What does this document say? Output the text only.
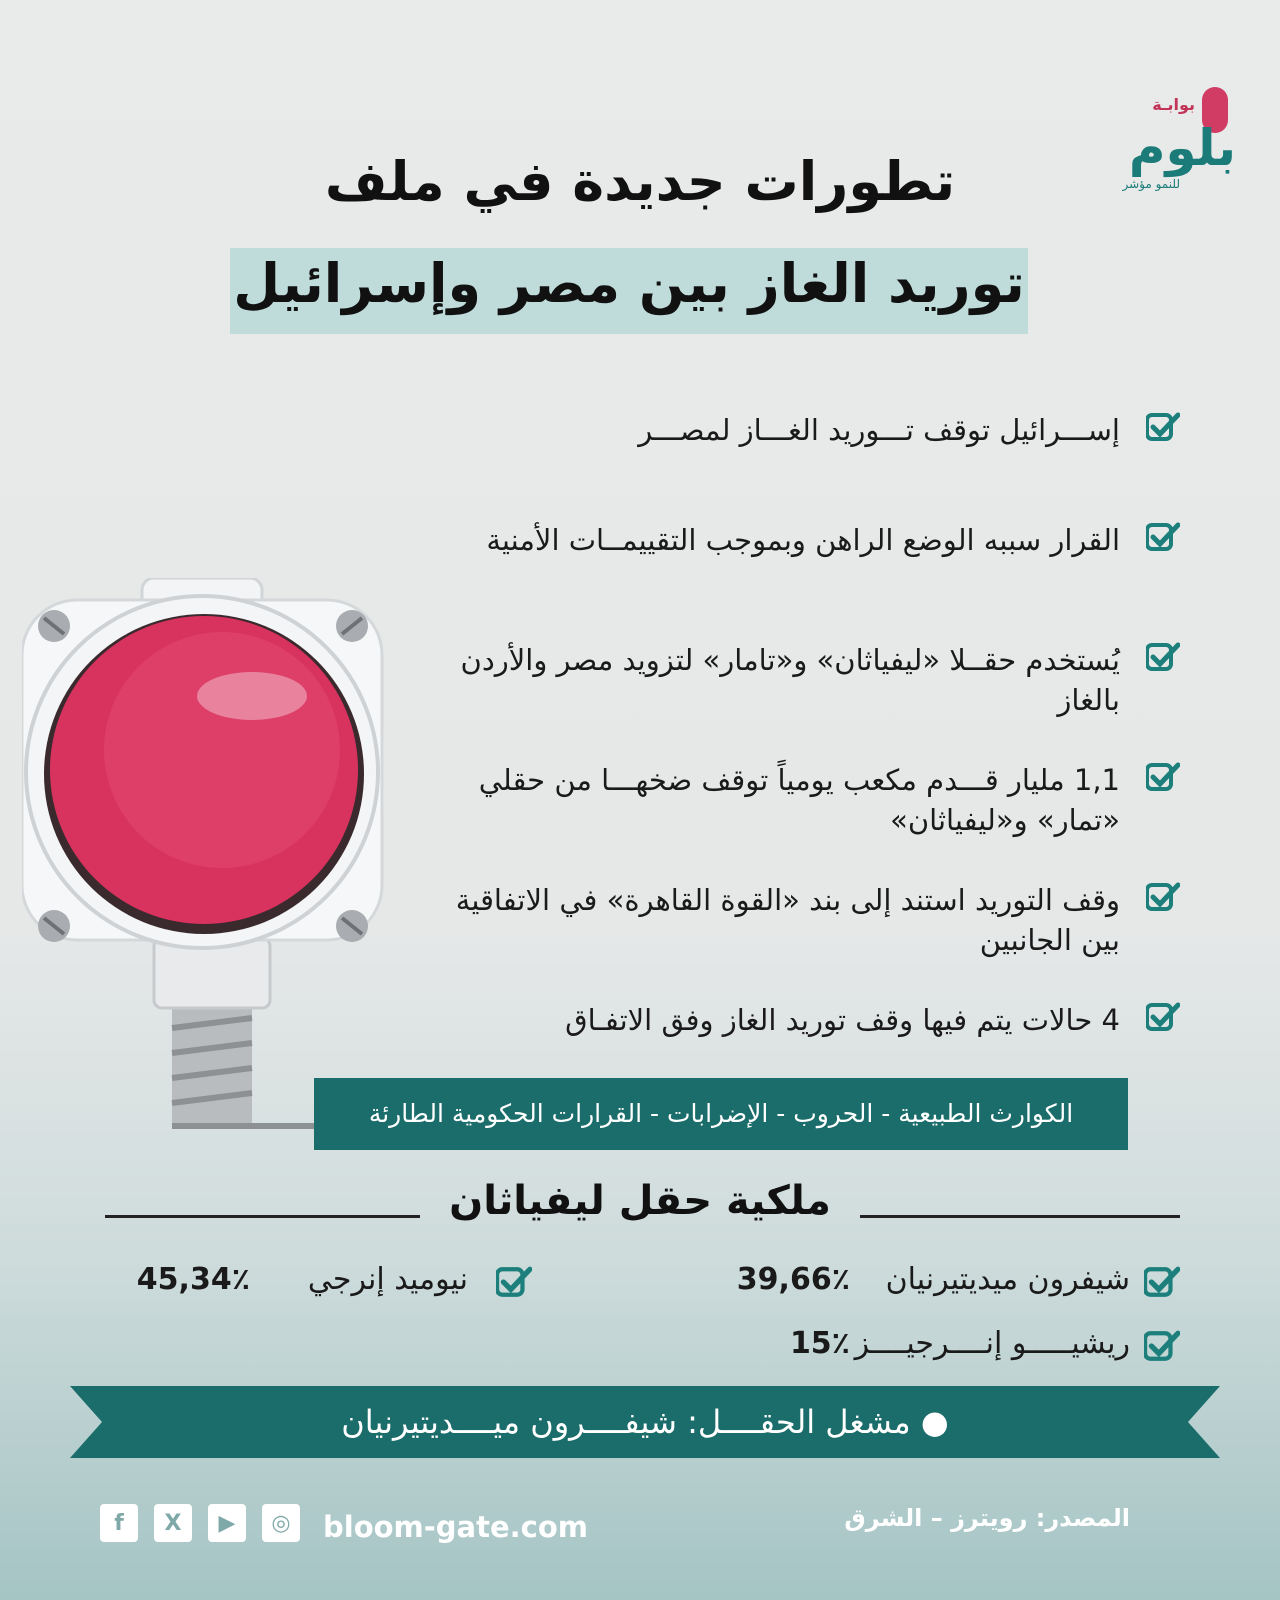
بوابـة
بلوم
للنمو مؤشر
تطورات جديدة في ملف
توريد الغاز بين مصر وإسرائيل
إســـرائيل توقف تـــوريد الغـــاز لمصـــر
القرار سببه الوضع الراهن وبموجب التقييمــات الأمنية
يُستخدم حقــلا «ليفياثان» و«تامار» لتزويد مصر والأردن بالغاز
1,1 مليار قـــدم مكعب يومياً توقف ضخهـــا من حقلي «تمار» و«ليفياثان»
وقف التوريد استند إلى بند «القوة القاهرة» في الاتفاقية بين الجانبين
4 حالات يتم فيها وقف توريد الغاز وفق الاتفـاق
الكوارث الطبيعية - الحروب - الإضرابات - القرارات الحكومية الطارئة
ملكية حقل ليفياثان
شيفرون ميديتيرنيان
39,66٪
نيوميد إنرجي
45,34٪
ريشيـــــو إنــــرجيــــز
15٪
● مشغل الحقــــل: شيفــــرون ميــــديتيرنيان
المصدر: رويترز – الشرق
bloom-gate.com
f	X	▶	◎
